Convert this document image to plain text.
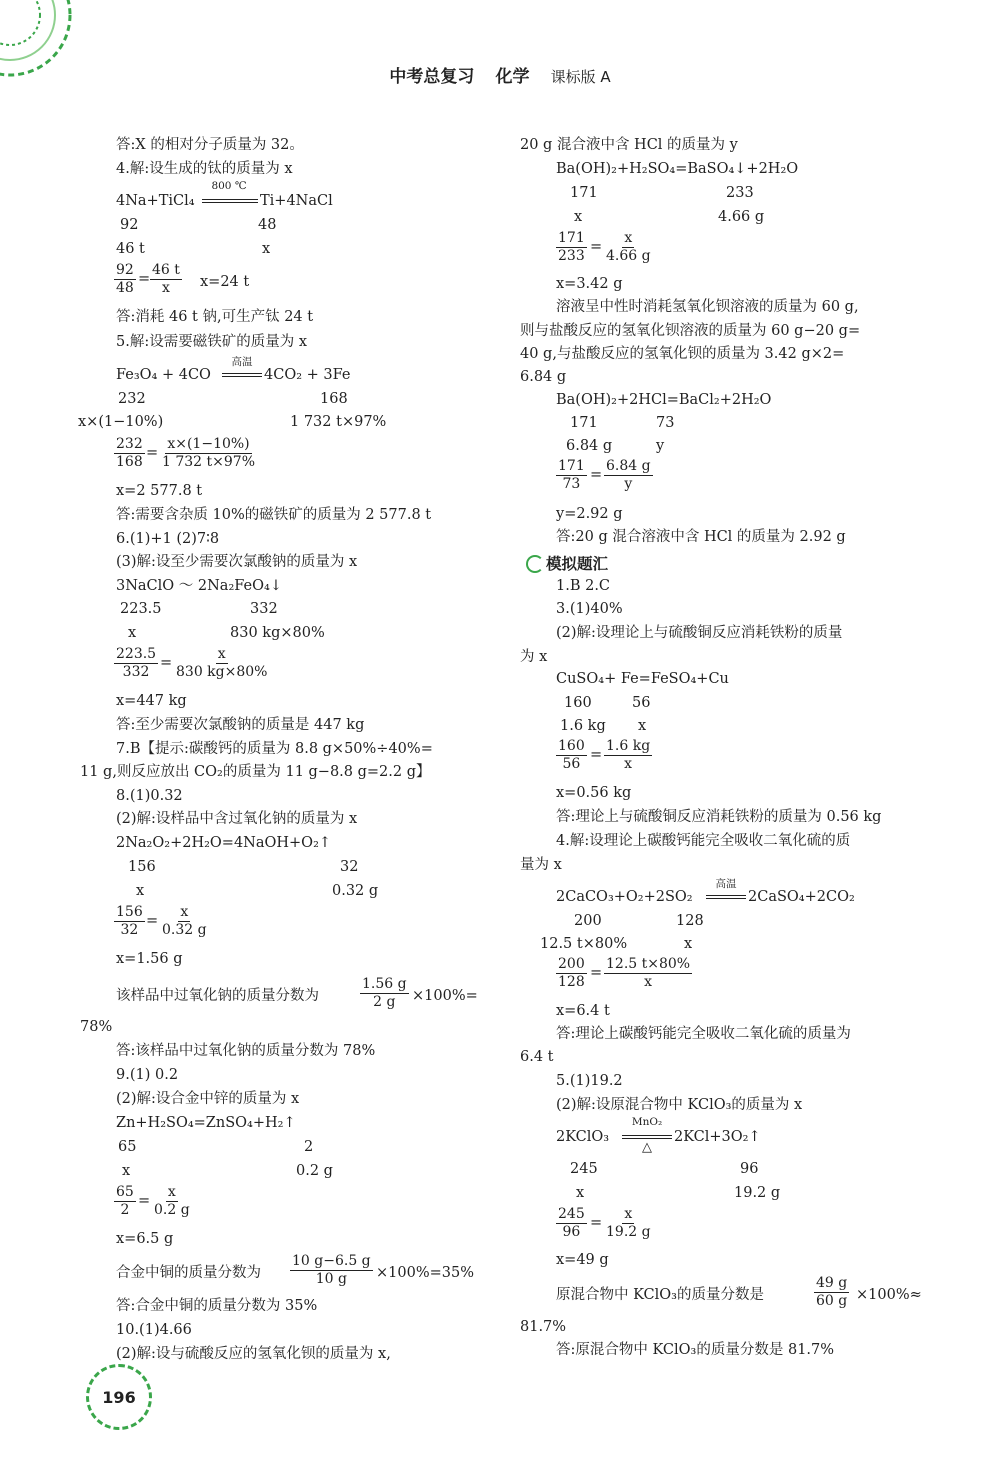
中考总复习 化学 课标版 A
答:X 的相对分子质量为 32。
4.解:设生成的钛的质量为 x
800 ℃
4Na+TiCl₄	Ti+4NaCl
92	48
46 t	x
$\frac{92}{48} = \frac{46 t}{x} x=24$ t
答:消耗 46 t 钠,可生产钛 24 t
5.解:设需要磁铁矿的质量为 x
高温
Fe₃O₄ + 4CO	4CO₂ + 3Fe
232	168
x×(1−10%)	1 732 t×97%
$\frac{232}{168} = \frac{x\times(1-10\%)}{1 732 t\times 97\%}$
x=2 577.8 t
答:需要含杂质 10%的磁铁矿的质量为 2 577.8 t
6.(1)+1 (2)7∶8
(3)解:设至少需要次氯酸钠的质量为 x
3NaClO ～ 2Na₂FeO₄↓
223.5	332
x	830 kg×80%
$\frac{223.5}{332} = \frac{x}{830 kg\times 80\%}$
x=447 kg
答:至少需要次氯酸钠的质量是 447 kg
7.B【提示:碳酸钙的质量为 8.8 g×50%÷40%=
11 g,则反应放出 CO₂的质量为 11 g−8.8 g=2.2 g】
8.(1)0.32
(2)解:设样品中含过氧化钠的质量为 x
2Na₂O₂+2H₂O=4NaOH+O₂↑
156	32
x	0.32 g
$\frac{156}{32} = \frac{x}{0.32 g}$
x=1.56 g
该样品中过氧化钠的质量分数为	$\frac{1.56 g}{2 g} \times 100\%=$
78%
答:该样品中过氧化钠的质量分数为 78%
9.(1) 0.2
(2)解:设合金中锌的质量为 x
Zn+H₂SO₄=ZnSO₄+H₂↑
65	2
x	0.2 g
$\frac{65}{2} = \frac{x}{0.2 g}$
x=6.5 g
合金中铜的质量分数为 $\frac{10 g-6.5 g}{10 g} \times 100\%=35\%$
答:合金中铜的质量分数为 35%
10.(1)4.66
(2)解:设与硫酸反应的氢氧化钡的质量为 x,
20 g 混合液中含 HCl 的质量为 y
Ba(OH)₂+H₂SO₄=BaSO₄↓+2H₂O
171	233
x	4.66 g
$\frac{171}{233} = \frac{x}{4.66 g}$
x=3.42 g
溶液呈中性时消耗氢氧化钡溶液的质量为 60 g,
则与盐酸反应的氢氧化钡溶液的质量为 60 g−20 g=
40 g,与盐酸反应的氢氧化钡的质量为 3.42 g×2=
6.84 g
Ba(OH)₂+2HCl=BaCl₂+2H₂O
171	73
6.84 g	y
$\frac{171}{73} = \frac{6.84 g}{y}$
y=2.92 g
答:20 g 混合溶液中含 HCl 的质量为 2.92 g
模拟题汇
1.B 2.C
3.(1)40%
(2)解:设理论上与硫酸铜反应消耗铁粉的质量
为 x
CuSO₄+ Fe=FeSO₄+Cu
160	56
1.6 kg x
$\frac{160}{56} = \frac{1.6 kg}{x}$
x=0.56 kg
答:理论上与硫酸铜反应消耗铁粉的质量为 0.56 kg
4.解:设理论上碳酸钙能完全吸收二氧化硫的质
量为 x
高温
2CaCO₃+O₂+2SO₂	2CaSO₄+2CO₂
200	128
12.5 t×80%	x
$\frac{200}{128} = \frac{12.5 t\times 80\%}{x}$
x=6.4 t
答:理论上碳酸钙能完全吸收二氧化硫的质量为
6.4 t
5.(1)19.2
(2)解:设原混合物中 KClO₃的质量为 x
MnO₂
2KClO₃
△
2KCl+3O₂↑
245	96
x	19.2 g
$\frac{245}{96} = \frac{x}{19.2 g}$
x=49 g
原混合物中 KClO₃的质量分数是	$\frac{49 g}{60 g} \times 100\%\approx$
81.7%
答:原混合物中 KClO₃的质量分数是 81.7%
196
